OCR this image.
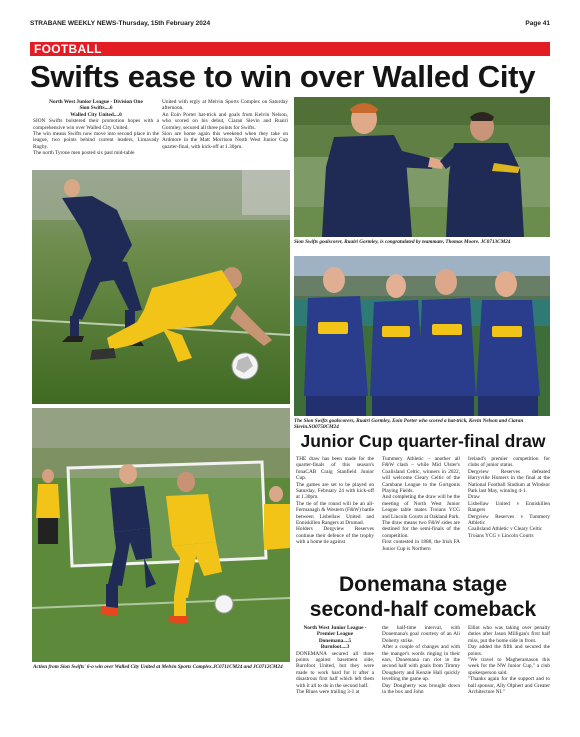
STRABANE WEEKLY NEWS-Thursday, 15th February 2024	Page 41
FOOTBALL
Swifts ease to win over Walled City
North West Junior League - Division One
Sion Swifts....6
Walled City United....0

SION Swifts bolstered their promotion hopes with a comprehensive win over Walled City United.

The win means Swifts now move into second place in the league, two points behind current leaders, Limavady Rugby.

The north Tyrone men posted six past mid-table

United with ergly at Melvin Sports Complex on Saturday afternoon.

An Eoin Porter hat-trick and goals from Kelvin Nelson, who scored on his debut, Ciaran Slevin and Ruairi Gormley, secured all three points for Swifts.

Sion are home again this weekend when they take on Ardmore in the Matt Morrison North West Junior Cup quarter-final, with kick-off at 1.30pm.

Sion Swifts goalscorer, Ruairi Gormley, is congratulated by teammate, Thomas Moore. JC0713CM24
The Sion Swifts goalscorers, Ruairi Gormley, Eoin Porter who scored a hat-trick, Kevin Nelson and Ciaran Slevin.SO0750CM24
Action from Sion Swifts' 6-o win over Walled City United at Melvin Sports Complex.JC0711CM24 and JC0712CM24
Junior Cup quarter-final draw

THE draw has been made for the quarter-finals of this season's fonaCAB Craig Stanfield Junior Cup.

The games are set to be played on Saturday, February 24 with kick-off at 1.30pm.

The tie of the round will be an all-Fermanagh & Western (F&W) battle between Lisbellaw United and Enniskillen Rangers at Drumad.

Holders Dergview Reserves continue their defence of the trophy with a home tie against

Tummery Athletic – another all F&W clash – while Mid Ulster's Coalisland Celtic, winners in 2022, will welcome Cleary Celtic of the Carnbane League to the Gortgonis Playing Fields.

And completing the draw will be the meeting of North West Junior League table mates Troians YCG and Lincoln Courts at Oakland Park.

The draw means two F&W sides are destined for the semi-finals of the competition.

First contested in 1888, the Irish FA Junior Cup is Northern

Ireland's premier competition for clubs of junior status.

Dergview Reserves defeated Harryville Homers in the final at the National Football Stadium at Windsor Park last May, winning 4-1.

Draw

Lisbellaw United v Enniskillen Rangers

Dergview Reserves v Tummery Athletic

Coalisland Athletic v Cleary Celtic

Troians YCG v Lincoln Courts

Donemana stage
second-half comeback
North West Junior League - Premier League
Donemana....5
Burnfoot....3

DONEMANA secured all three points against basement side, Burnfoot United, but they were made to work hard for it after a disastrous first half which left them with it all to do in the second half.

The Blues were trailing 3-1 at

the half-time interval, with Donemana's goal courtesy of an Ali Doherty strike.

After a couple of changes and with the manger's words ringing in their ears, Donemana ran riot in the second half with goals from Timmy Dougherty and Kenzie Hall quickly levelling the game up.

Day Dougherty was brought down in the box and John

Elliot who was taking over penalty duties after Jason Milligan's first half miss, put the home side in front.

Day added the fifth and secured the points.

"We travel to Magheramason this week for the NW Junior Cup," a club spokesperson said.

"Thanks again for the support and to ball sponsor, Ally Olphert and Greater Architecture NI."
